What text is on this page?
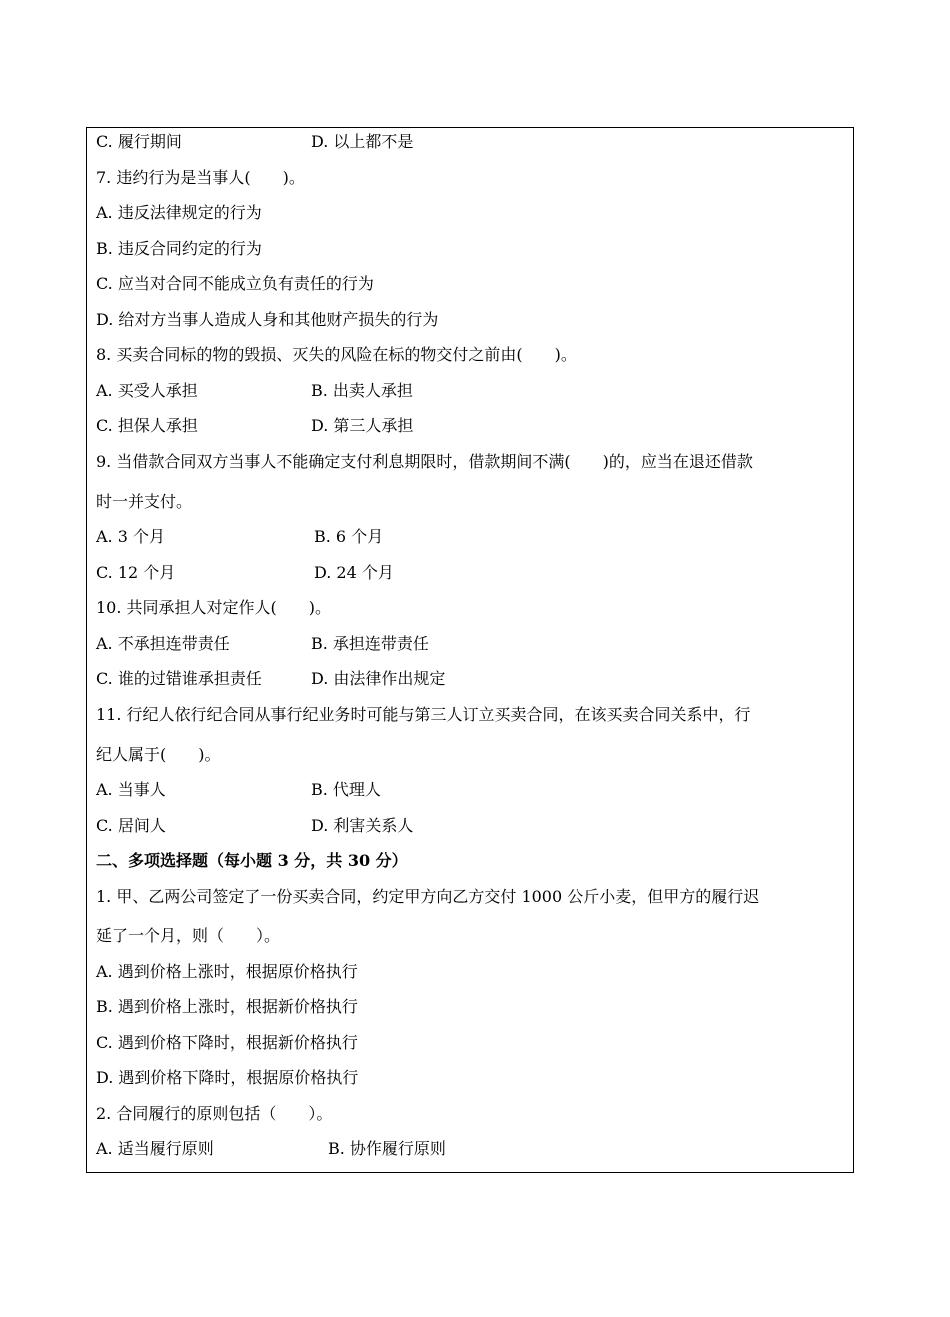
C. 履行期间	D. 以上都不是
7. 违约行为是当事人(　　)。
A. 违反法律规定的行为
B. 违反合同约定的行为
C. 应当对合同不能成立负有责任的行为
D. 给对方当事人造成人身和其他财产损失的行为
8. 买卖合同标的物的毁损、灭失的风险在标的物交付之前由(　　)。
A. 买受人承担	B. 出卖人承担
C. 担保人承担	D. 第三人承担
9. 当借款合同双方当事人不能确定支付利息期限时，借款期间不满(　　)的，应当在退还借款
时一并支付。
A. 3 个月	B. 6 个月
C. 12 个月	D. 24 个月
10. 共同承担人对定作人(　　)。
A. 不承担连带责任	B. 承担连带责任
C. 谁的过错谁承担责任	D. 由法律作出规定
11. 行纪人依行纪合同从事行纪业务时可能与第三人订立买卖合同，在该买卖合同关系中，行
纪人属于(　　)。
A. 当事人	B. 代理人
C. 居间人	D. 利害关系人
二、多项选择题（每小题 3 分，共 30 分）
1. 甲、乙两公司签定了一份买卖合同，约定甲方向乙方交付 1000 公斤小麦，但甲方的履行迟
延了一个月，则（　　）。
A. 遇到价格上涨时，根据原价格执行
B. 遇到价格上涨时，根据新价格执行
C. 遇到价格下降时，根据新价格执行
D. 遇到价格下降时，根据原价格执行
2. 合同履行的原则包括（　　）。
A. 适当履行原则	B. 协作履行原则
